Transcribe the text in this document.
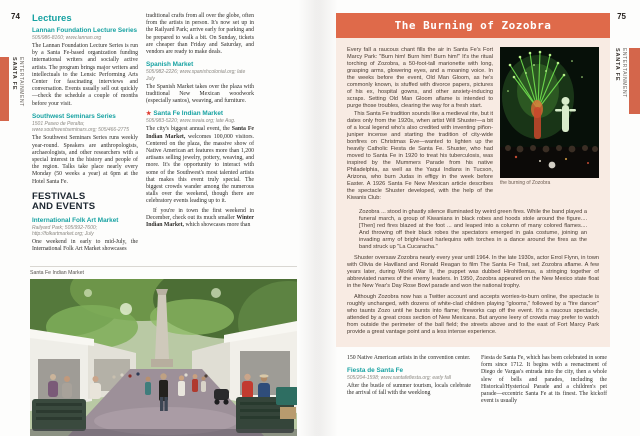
74
SANTA FE ENTERTAINMENT
Lectures
Lannan Foundation Lecture Series

505/986-8160; www.lannan.org

The Lannan Foundation Lecture Series is run by a Santa Fe-based organization funding international writers and socially active artists. The program brings major writers and intellectuals to the Lensic Performing Arts Center for fascinating interviews and conversation. Events usually sell out quickly—check the schedule a couple of months before your visit.

Southwest Seminars Series

1501 Paseo de Peralta; www.southwestseminars.org; 505/466-2775

The Southwest Seminars Series runs weekly year-round. Speakers are anthropologists, archaeologists, and other researchers with a special interest in the history and people of the region. Talks take place nearly every Monday (50 weeks a year) at 6pm at the Hotel Santa Fe.

FESTIVALS
AND EVENTS
International Folk Art Market

Railyard Park; 505/992-7600; http://folkartmarket.org; July

One weekend in early to mid-July, the International Folk Art Market showcases

traditional crafts from all over the globe, often from the artists in person. It's now set up in the Railyard Park; arrive early for parking and be prepared to walk a bit. On Sunday, tickets are cheaper than Friday and Saturday, and vendors are ready to make deals.

Spanish Market

505/982-2226; www.spanishcolonial.org; late July

The Spanish Market takes over the plaza with traditional New Mexican woodwork (especially santos), weaving, and furniture.

★ Santa Fe Indian Market

505/983-5220; www.swaia.org; late Aug.

The city's biggest annual event, the Santa Fe Indian Market, welcomes 100,000 visitors. Centered on the plaza, the massive show of Native American art features more than 1,200 artisans selling jewelry, pottery, weaving, and more. It's the opportunity to interact with some of the Southwest's most talented artists that makes this event truly special. The biggest crowds wander among the numerous stalls over the weekend, though there are celebratory events leading up to it.

If you're in town the first weekend in December, check out its much smaller Winter Indian Market, which showcases more than

Santa Fe Indian Market
75
SANTA FE ENTERTAINMENT
The Burning of Zozobra

Every fall a raucous chant fills the air in Santa Fe's Fort Marcy Park: "Burn him! Burn him! Burn him!" It's the ritual torching of Zozobra, a 50-foot-tall marionette with long, grasping arms, glowering eyes, and a moaning voice. In the weeks before the event, Old Man Gloom, as he's commonly known, is stuffed with divorce papers, pictures of his ex, hospital gowns, and other anxiety-inducing scraps. Setting Old Man Gloom aflame is intended to purge those troubles, clearing the way for a fresh start.

This Santa Fe tradition sounds like a medieval rite, but it dates only from the 1920s, when artist Will Shuster—a bit of a local legend who's also credited with inventing piñon-juniper incense and starting the tradition of city-wide bonfires on Christmas Eve—wanted to lighten up the heavily Catholic Fiesta de Santa Fe. Shuster, who had moved to Santa Fe in 1920 to treat his tuberculosis, was inspired by the Mummers Parade from his native Philadelphia, as well as the Yaqui Indians in Tucson, Arizona, who burn Judas in effigy in the week before Easter. A 1926 Santa Fe New Mexican article describes the spectacle Shuster developed, with the help of the Kiwanis Club:

the burning of Zozobra

Zozobra ... stood in ghastly silence illuminated by weird green fires. While the band played a funeral march, a group of Kiwanians in black robes and hoods stole around the figure.... [Then] red fires blazed at the foot ... and leaped into a column of many colored flames.... And throwing off their black robes the spectators emerged in gala costume, joining an invading army of bright-hued harlequins with torches in a dance around the fires as the band struck up "La Cucaracha."

Shuster oversaw Zozobra nearly every year until 1964. In the late 1930s, actor Errol Flynn, in town with Olivia de Havilland and Ronald Reagan to film The Santa Fe Trail, set Zozobra aflame. A few years later, during World War II, the puppet was dubbed Hirohitlemus, a stringing together of abbreviated names of the enemy leaders. In 1950, Zozobra appeared on the New Mexico state float in the New Year's Day Rose Bowl parade and won the national trophy.

Although Zozobra now has a Twitter account and accepts worries-to-burn online, the spectacle is roughly unchanged, with dozens of white-clad children playing "glooms," followed by a "fire dancer" who taunts Zozo until he bursts into flame; fireworks cap off the event. It's a raucous spectacle, attended by a great cross section of New Mexicans. But anyone leery of crowds may prefer to watch from outside the perimeter of the ball field; the streets above and to the east of Fort Marcy Park provide a great vantage point and a less intense experience.

150 Native American artists in the convention center.

Fiesta de Santa Fe

505/204-1598; www.santafefiesta.org; early fall

After the bustle of summer tourism, locals celebrate the arrival of fall with the weeklong

Fiesta de Santa Fe, which has been celebrated in some form since 1712. It begins with a reenactment of Diego de Vargas's entrada into the city, then a whole slew of bells and parades, including the Historical/Hysterical Parade and a children's pet parade—eccentric Santa Fe at its finest. The kickoff event is usually
